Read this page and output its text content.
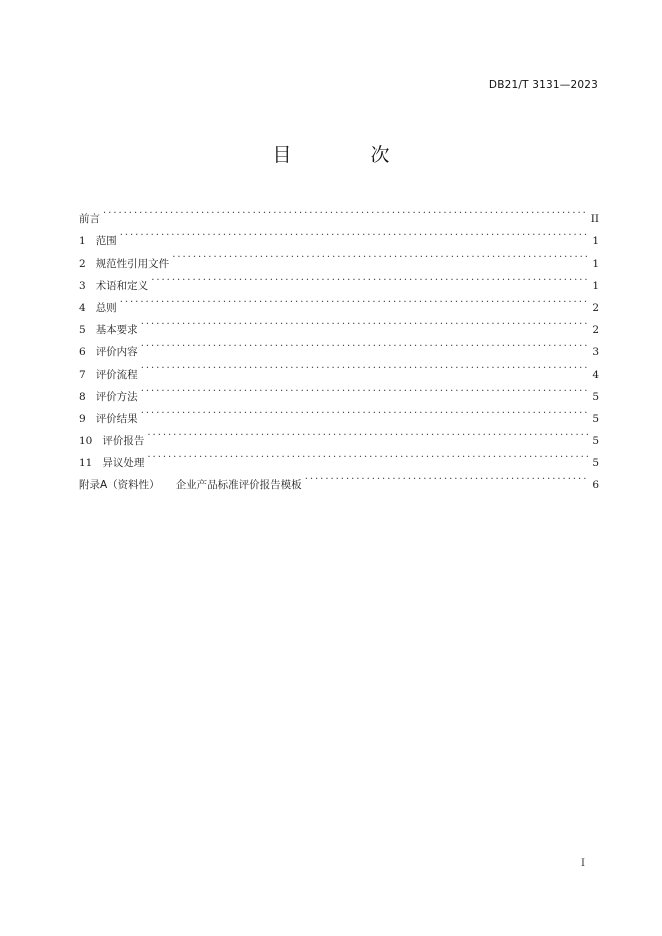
DB21/T 3131—2023
目　次
前言 . . .	II
1 范围 . . .	1
2 规范性引用文件 . . .	1
3 术语和定义 . . .	1
4 总则 . . .	2
5 基本要求 . . .	2
6 评价内容 . . .	3
7 评价流程 . . .	4
8 评价方法 . . .	5
9 评价结果 . . .	5
10 评价报告 . . .	5
11 异议处理 . . .	5
附录A（资料性） 企业产品标准评价报告模板 . . .	6
I
